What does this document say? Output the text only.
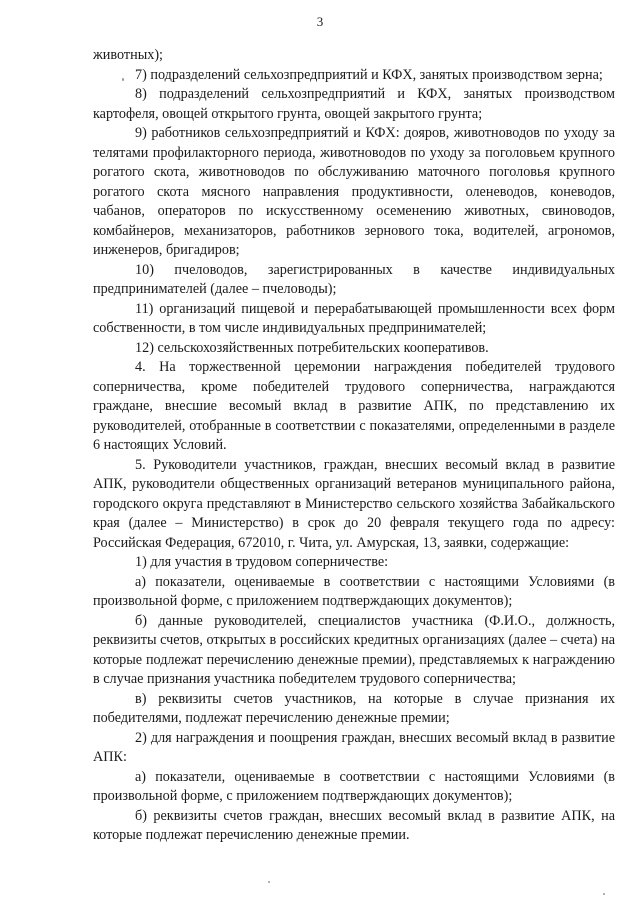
3

животных);

7) подразделений сельхозпредприятий и КФХ, занятых производством зерна;

8) подразделений сельхозпредприятий и КФХ, занятых производством картофеля, овощей открытого грунта, овощей закрытого грунта;

9) работников сельхозпредприятий и КФХ: дояров, животноводов по уходу за телятами профилакторного периода, животноводов по уходу за поголовьем крупного рогатого скота, животноводов по обслуживанию маточного поголовья крупного рогатого скота мясного направления продуктивности, оленеводов, коневодов, чабанов, операторов по искусственному осеменению животных, свиноводов, комбайнеров, механизаторов, работников зернового тока, водителей, агрономов, инженеров, бригадиров;

10) пчеловодов, зарегистрированных в качестве индивидуальных предпринимателей (далее – пчеловоды);

11) организаций пищевой и перерабатывающей промышленности всех форм собственности, в том числе индивидуальных предпринимателей;

12) сельскохозяйственных потребительских кооперативов.

4. На торжественной церемонии награждения победителей трудового соперничества, кроме победителей трудового соперничества, награждаются граждане, внесшие весомый вклад в развитие АПК, по представлению их руководителей, отобранные в соответствии с показателями, определенными в разделе 6 настоящих Условий.

5. Руководители участников, граждан, внесших весомый вклад в развитие АПК, руководители общественных организаций ветеранов муниципального района, городского округа представляют в Министерство сельского хозяйства Забайкальского края (далее – Министерство) в срок до 20 февраля текущего года по адресу: Российская Федерация, 672010, г. Чита, ул. Амурская, 13, заявки, содержащие:

1) для участия в трудовом соперничестве:

а) показатели, оцениваемые в соответствии с настоящими Условиями (в произвольной форме, с приложением подтверждающих документов);

б) данные руководителей, специалистов участника (Ф.И.О., должность, реквизиты счетов, открытых в российских кредитных организациях (далее – счета) на которые подлежат перечислению денежные премии), представляемых к награждению в случае признания участника победителем трудового соперничества;

в) реквизиты счетов участников, на которые в случае признания их победителями, подлежат перечислению денежные премии;

2) для награждения и поощрения граждан, внесших весомый вклад в развитие АПК:

а) показатели, оцениваемые в соответствии с настоящими Условиями (в произвольной форме, с приложением подтверждающих документов);

б) реквизиты счетов граждан, внесших весомый вклад в развитие АПК, на которые подлежат перечислению денежные премии.
